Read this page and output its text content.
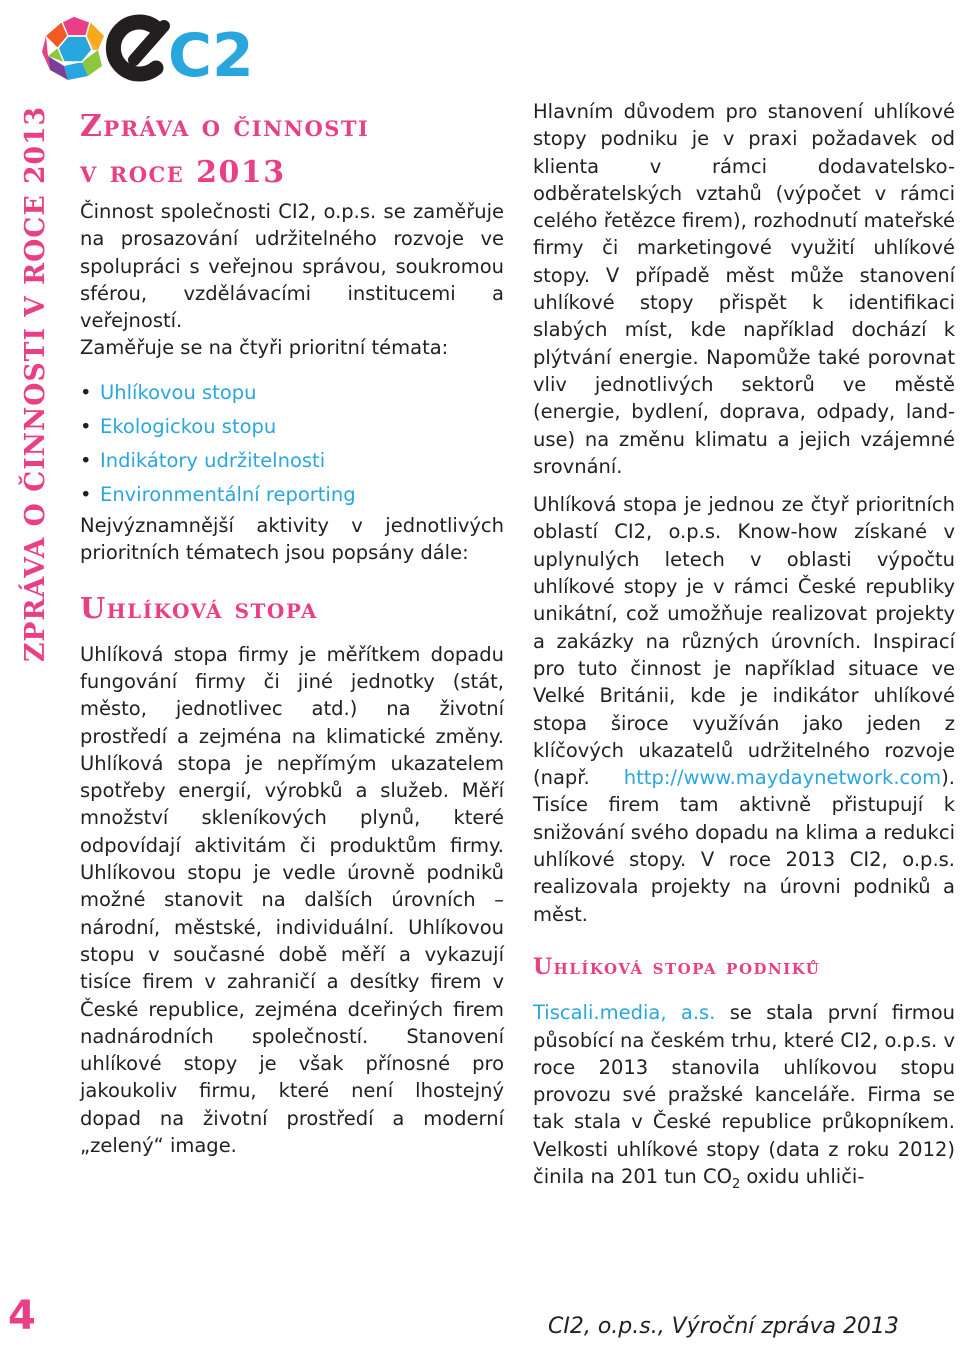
C2
ZPRÁVA O ČINNOSTI V ROCE 2013
4
Zpráva o činnosti
v roce 2013

Činnost společnosti CI2, o.p.s. se zaměřuje na prosazování udržitelného rozvoje ve spolupráci s veřejnou správou, soukromou sférou, vzdělávacími institucemi a veřejností.

Zaměřuje se na čtyři prioritní témata:

• Uhlíkovou stopu
• Ekologickou stopu
• Indikátory udržitelnosti
• Environmentální reporting

Nejvýznamnější aktivity v jednotlivých prioritních tématech jsou popsány dále:

Uhlíková stopa

Uhlíková stopa firmy je měřítkem dopadu fungování firmy či jiné jednotky (stát, město, jednotlivec atd.) na životní prostředí a zejména na klimatické změny. Uhlíková stopa je nepřímým ukazatelem spotřeby energií, výrobků a služeb. Měří množství skleníkových plynů, které odpovídají aktivitám či produktům firmy. Uhlíkovou stopu je vedle úrovně podniků možné stanovit na dalších úrovních – národní, městské, individuální. Uhlíkovou stopu v současné době měří a vykazují tisíce firem v zahraničí a desítky firem v České republice, zejména dceřiných firem nadnárodních společností. Stanovení uhlíkové stopy je však přínosné pro jakoukoliv firmu, které není lhostejný dopad na životní prostředí a moderní „zelený“ image.

Hlavním důvodem pro stanovení uhlíkové stopy podniku je v praxi požadavek od klienta v rámci dodavatelsko-odběratelských vztahů (výpočet v rámci celého řetězce firem), rozhodnutí mateřské firmy či marketingové využití uhlíkové stopy. V případě měst může stanovení uhlíkové stopy přispět k identifikaci slabých míst, kde například dochází k plýtvání energie. Napomůže také porovnat vliv jednotlivých sektorů ve městě (energie, bydlení, doprava, odpady, land-use) na změnu klimatu a jejich vzájemné srovnání.

Uhlíková stopa je jednou ze čtyř prioritních oblastí CI2, o.p.s. Know-how získané v uplynulých letech v oblasti výpočtu uhlíkové stopy je v rámci České republiky unikátní, což umožňuje realizovat projekty a zakázky na různých úrovních. Inspirací pro tuto činnost je například situace ve Velké Británii, kde je indikátor uhlíkové stopa široce využíván jako jeden z klíčových ukazatelů udržitelného rozvoje (např. http://www.maydaynetwork.com). Tisíce firem tam aktivně přistupují k snižování svého dopadu na klima a redukci uhlíkové stopy. V roce 2013 CI2, o.p.s. realizovala projekty na úrovni podniků a měst.

Uhlíková stopa podniků

Tiscali.media, a.s. se stala první firmou působící na českém trhu, které CI2, o.p.s. v roce 2013 stanovila uhlíkovou stopu provozu své pražské kanceláře. Firma se tak stala v České republice průkopníkem. Velkosti uhlíkové stopy (data z roku 2012) činila na 201 tun $CO_2$ oxidu uhliči-

CI2, o.p.s., Výroční zpráva 2013
